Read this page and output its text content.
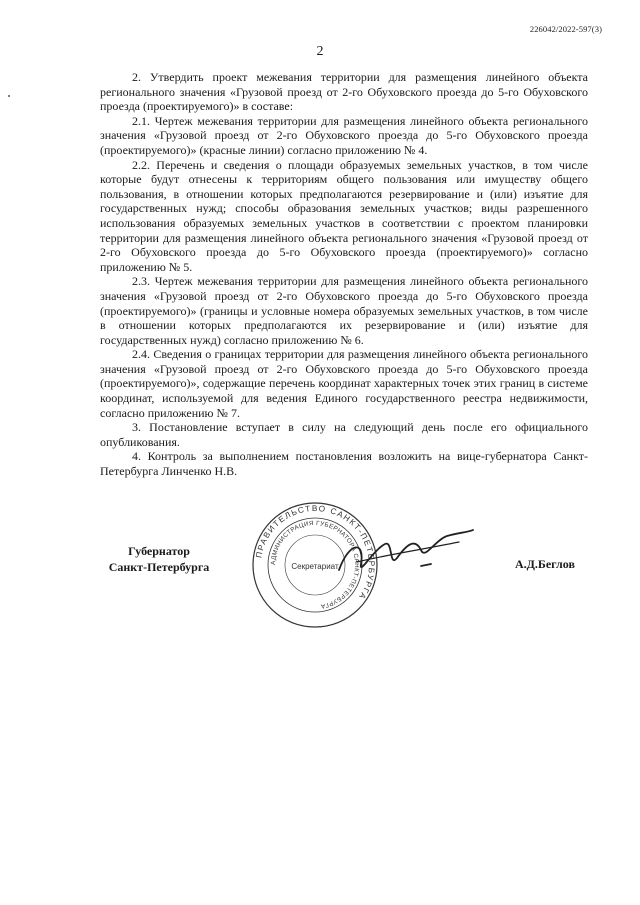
226042/2022-597(3)
2

2. Утвердить проект межевания территории для размещения линейного объекта регионального значения «Грузовой проезд от 2-го Обуховского проезда до 5-го Обуховского проезда (проектируемого)» в составе:

2.1. Чертеж межевания территории для размещения линейного объекта регионального значения «Грузовой проезд от 2-го Обуховского проезда до 5-го Обуховского проезда (проектируемого)» (красные линии) согласно приложению № 4.

2.2. Перечень и сведения о площади образуемых земельных участков, в том числе которые будут отнесены к территориям общего пользования или имуществу общего пользования, в отношении которых предполагаются резервирование и (или) изъятие для государственных нужд; способы образования земельных участков; виды разрешенного использования образуемых земельных участков в соответствии с проектом планировки территории для размещения линейного объекта регионального значения «Грузовой проезд от 2-го Обуховского проезда до 5-го Обуховского проезда (проектируемого)» согласно приложению № 5.

2.3. Чертеж межевания территории для размещения линейного объекта регионального значения «Грузовой проезд от 2-го Обуховского проезда до 5-го Обуховского проезда (проектируемого)» (границы и условные номера образуемых земельных участков, в том числе в отношении которых предполагаются их резервирование и (или) изъятие для государственных нужд) согласно приложению № 6.

2.4. Сведения о границах территории для размещения линейного объекта регионального значения «Грузовой проезд от 2-го Обуховского проезда до 5-го Обуховского проезда (проектируемого)», содержащие перечень координат характерных точек этих границ в системе координат, используемой для ведения Единого государственного реестра недвижимости, согласно приложению № 7.

3. Постановление вступает в силу на следующий день после его официального опубликования.

4. Контроль за выполнением постановления возложить на вице-губернатора Санкт-Петербурга Линченко Н.В.

Губернатор
Санкт-Петербурга
ПРАВИТЕЛЬСТВО САНКТ-ПЕТЕРБУРГА
АДМИНИСТРАЦИЯ ГУБЕРНАТОРА САНКТ-ПЕТЕРБУРГА
Секретариат	А.Д.Беглов
